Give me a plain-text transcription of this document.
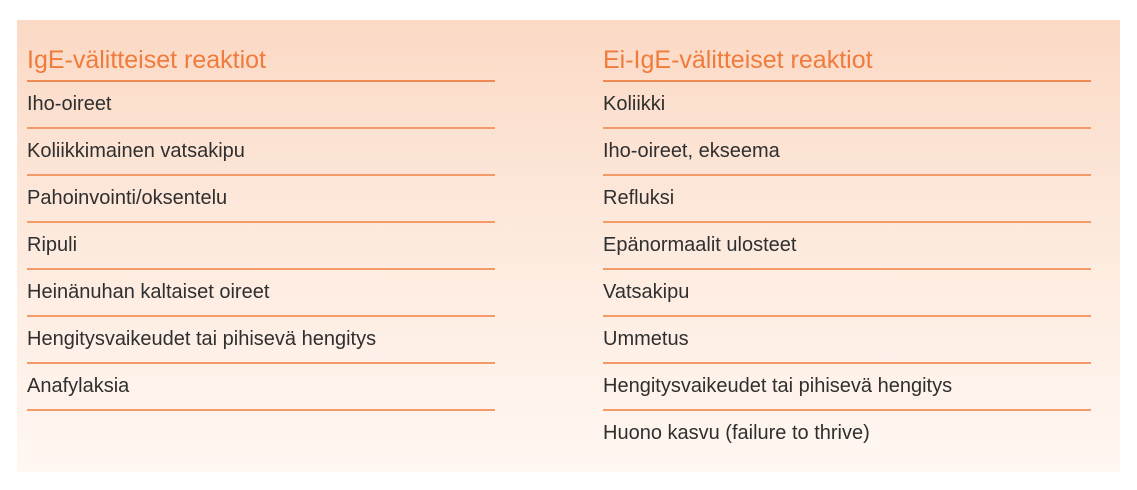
IgE-välitteiset reaktiot
Iho-oireet
Koliikkimainen vatsakipu
Pahoinvointi/oksentelu
Ripuli
Heinänuhan kaltaiset oireet
Hengitysvaikeudet tai pihisevä hengitys
Anafylaksia
Ei-IgE-välitteiset reaktiot
Koliikki
Iho-oireet, ekseema
Refluksi
Epänormaalit ulosteet
Vatsakipu
Ummetus
Hengitysvaikeudet tai pihisevä hengitys
Huono kasvu (failure to thrive)
